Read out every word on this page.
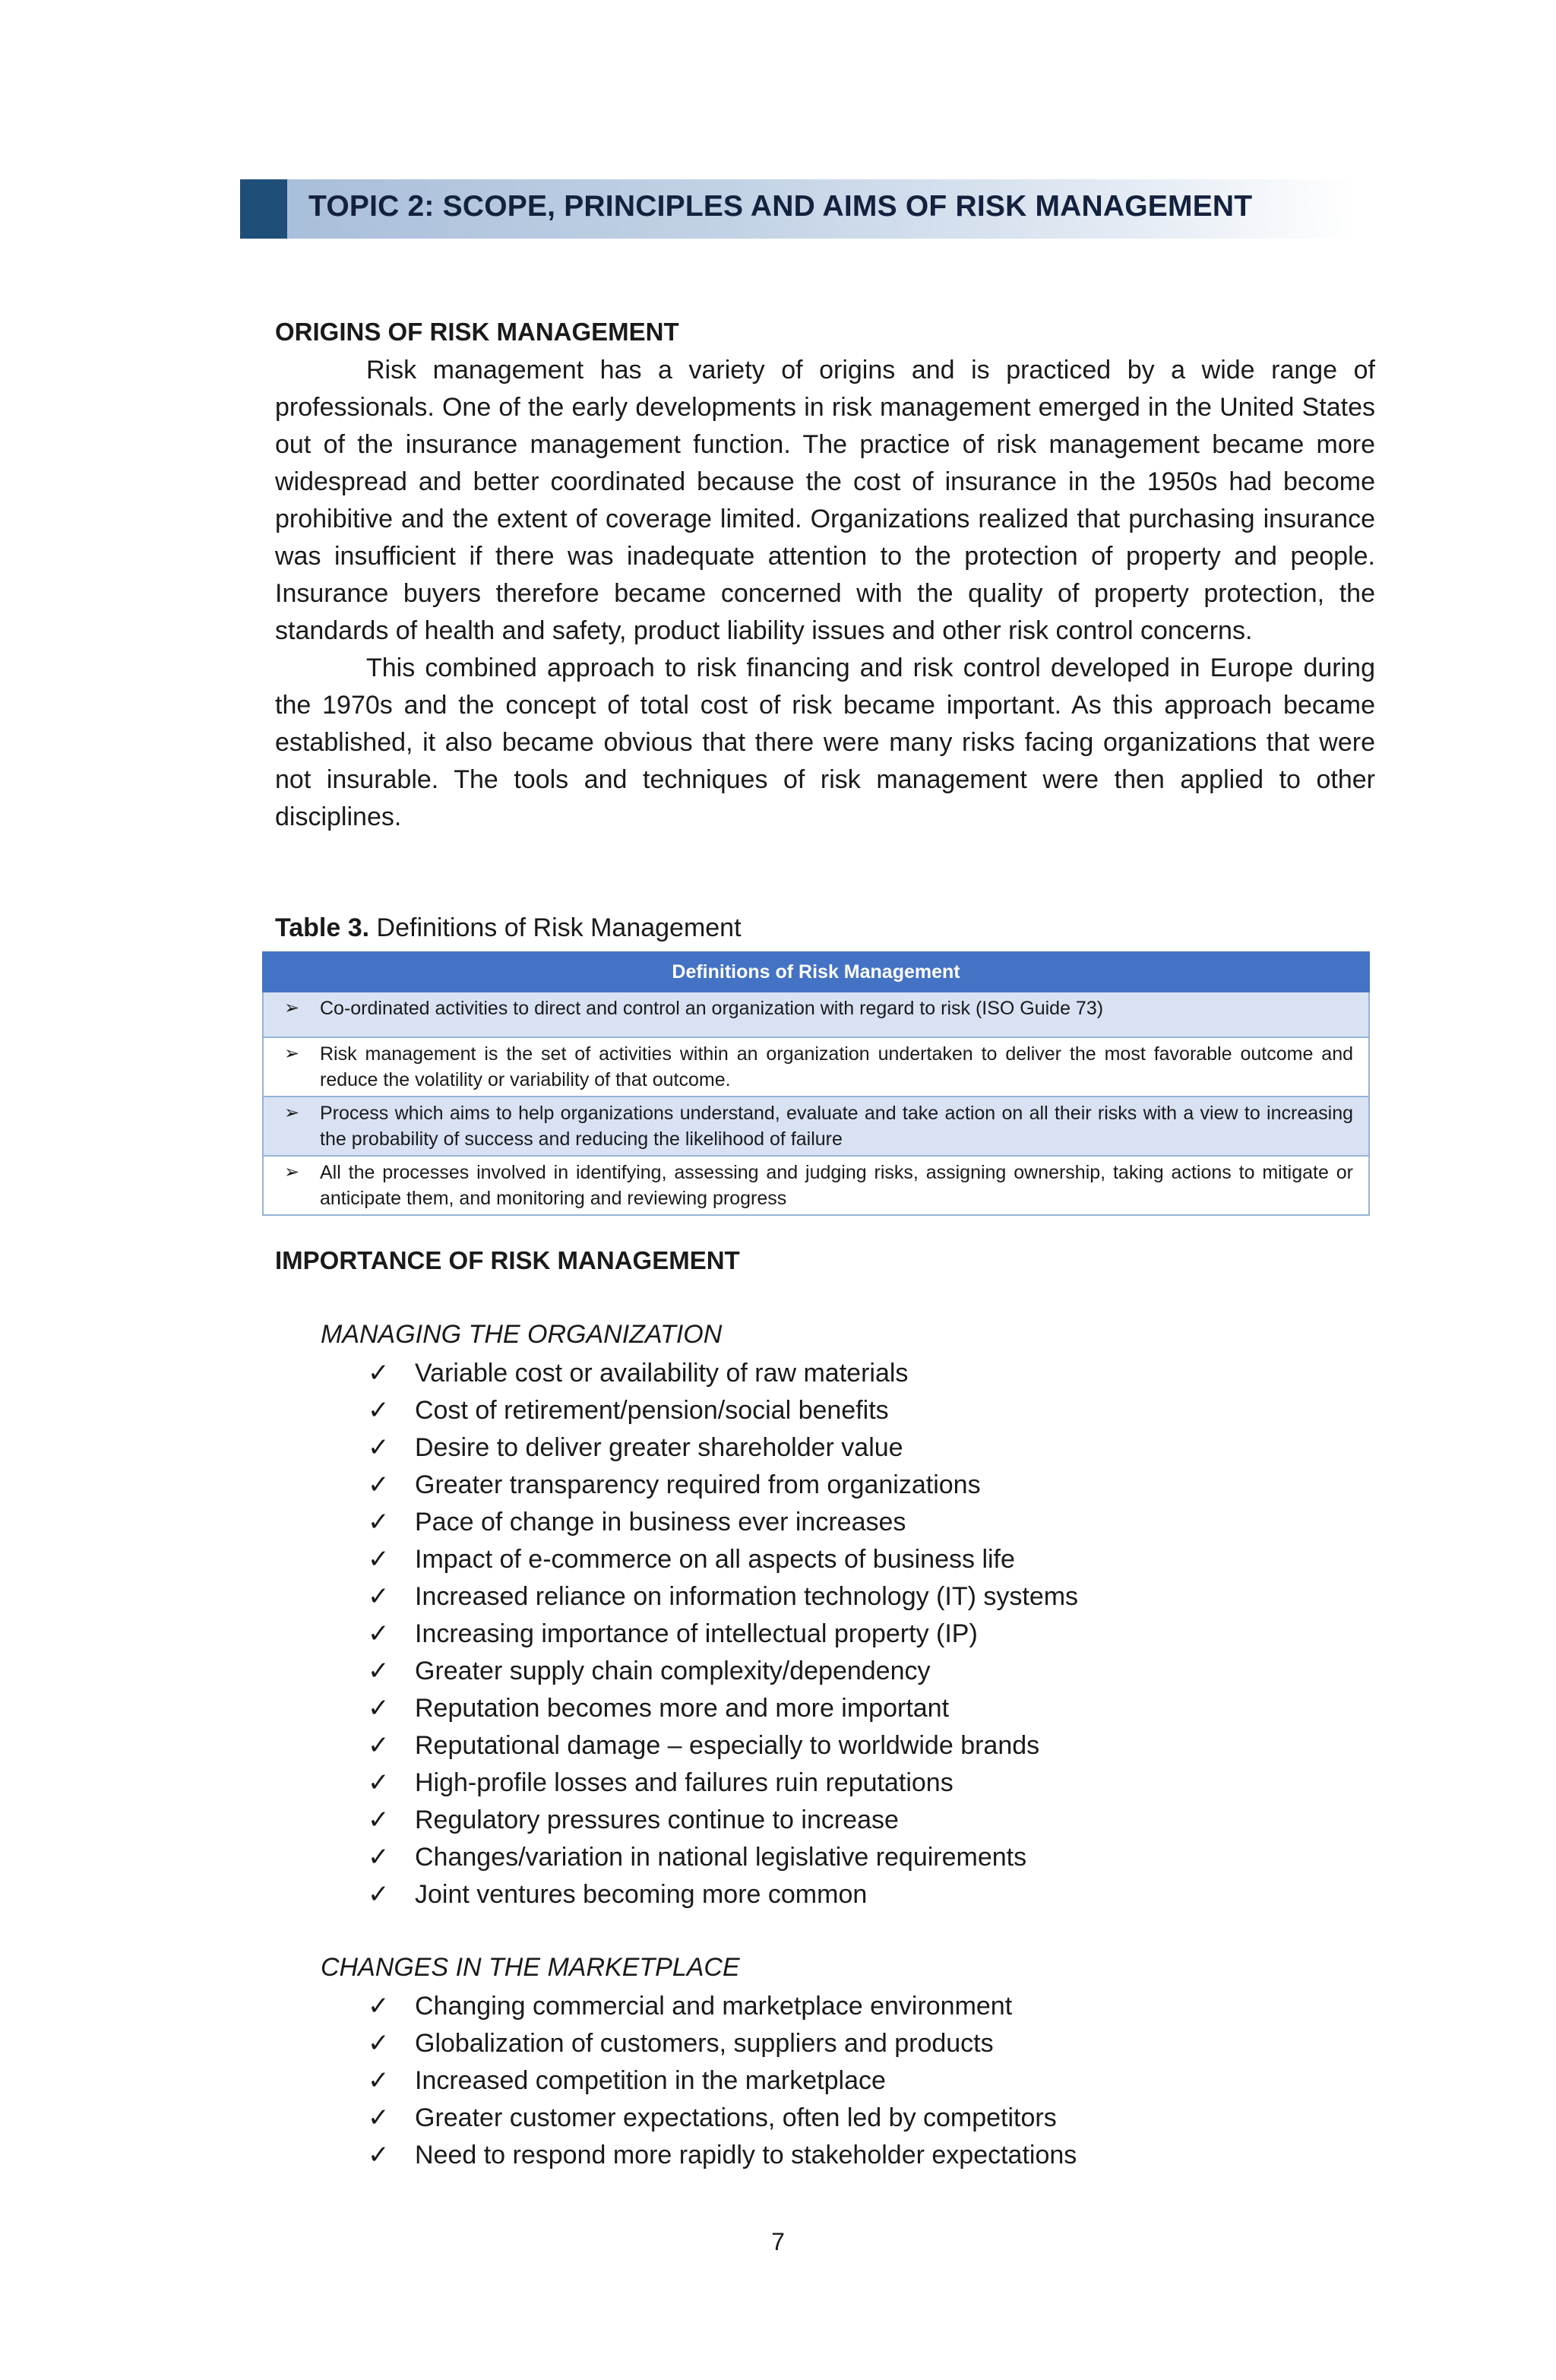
TOPIC 2: SCOPE, PRINCIPLES AND AIMS OF RISK MANAGEMENT
ORIGINS OF RISK MANAGEMENT

Risk management has a variety of origins and is practiced by a wide range of professionals. One of the early developments in risk management emerged in the United States out of the insurance management function. The practice of risk management became more widespread and better coordinated because the cost of insurance in the 1950s had become prohibitive and the extent of coverage limited. Organizations realized that purchasing insurance was insufficient if there was inadequate attention to the protection of property and people. Insurance buyers therefore became concerned with the quality of property protection, the standards of health and safety, product liability issues and other risk control concerns.

This combined approach to risk financing and risk control developed in Europe during the 1970s and the concept of total cost of risk became important. As this approach became established, it also became obvious that there were many risks facing organizations that were not insurable. The tools and techniques of risk management were then applied to other disciplines.

Table 3. Definitions of Risk Management
Definitions of Risk Management

➢	Co-ordinated activities to direct and control an organization with regard to risk (ISO Guide 73)

➢	Risk management is the set of activities within an organization undertaken to deliver the most favorable outcome and reduce the volatility or variability of that outcome.

➢	Process which aims to help organizations understand, evaluate and take action on all their risks with a view to increasing the probability of success and reducing the likelihood of failure

➢	All the processes involved in identifying, assessing and judging risks, assigning ownership, taking actions to mitigate or anticipate them, and monitoring and reviewing progress
IMPORTANCE OF RISK MANAGEMENT
MANAGING THE ORGANIZATION
✓ Variable cost or availability of raw materials
✓ Cost of retirement/pension/social benefits
✓ Desire to deliver greater shareholder value
✓ Greater transparency required from organizations
✓ Pace of change in business ever increases
✓ Impact of e-commerce on all aspects of business life
✓ Increased reliance on information technology (IT) systems
✓ Increasing importance of intellectual property (IP)
✓ Greater supply chain complexity/dependency
✓ Reputation becomes more and more important
✓ Reputational damage – especially to worldwide brands
✓ High-profile losses and failures ruin reputations
✓ Regulatory pressures continue to increase
✓ Changes/variation in national legislative requirements
✓ Joint ventures becoming more common
CHANGES IN THE MARKETPLACE
✓ Changing commercial and marketplace environment
✓ Globalization of customers, suppliers and products
✓ Increased competition in the marketplace
✓ Greater customer expectations, often led by competitors
✓ Need to respond more rapidly to stakeholder expectations
7
